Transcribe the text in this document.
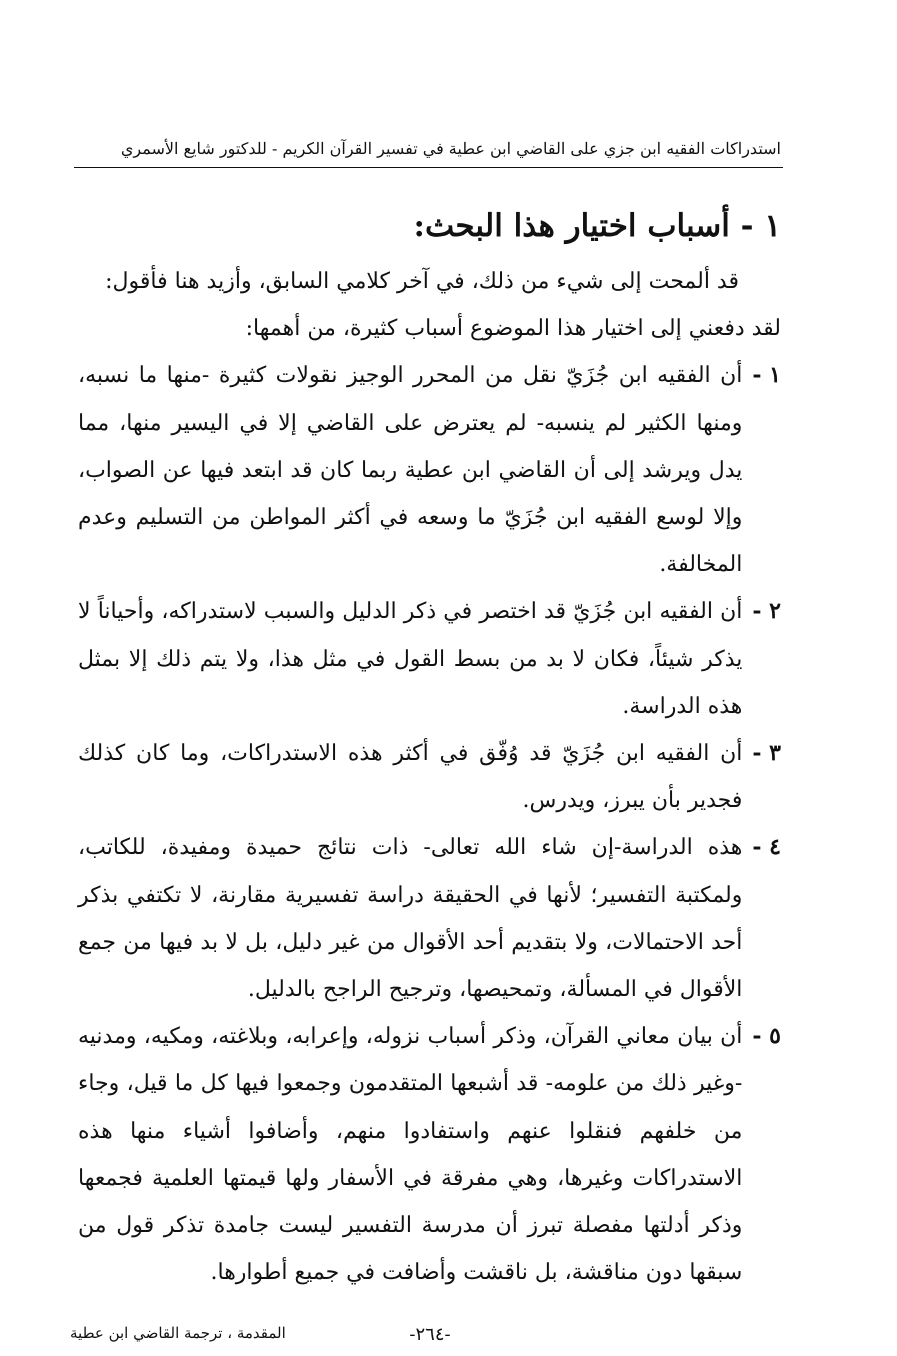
استدراكات الفقيه ابن جزي على القاضي ابن عطية في تفسير القرآن الكريم - للدكتور شايع الأسمري
١ - أسباب اختيار هذا البحث:

قد ألمحت إلى شيء من ذلك، في آخر كلامي السابق، وأزيد هنا فأقول:

لقد دفعني إلى اختيار هذا الموضوع أسباب كثيرة، من أهمها:

١ -
أن الفقيه ابن جُزَيّ نقل من المحرر الوجيز نقولات كثيرة -منها ما نسبه، ومنها الكثير لم ينسبه- لم يعترض على القاضي إلا في اليسير منها، مما يدل ويرشد إلى أن القاضي ابن عطية ربما كان قد ابتعد فيها عن الصواب، وإلا لوسع الفقيه ابن جُزَيّ ما وسعه في أكثر المواطن من التسليم وعدم المخالفة.
٢ -
أن الفقيه ابن جُزَيّ قد اختصر في ذكر الدليل والسبب لاستدراكه، وأحياناً لا يذكر شيئاً، فكان لا بد من بسط القول في مثل هذا، ولا يتم ذلك إلا بمثل هذه الدراسة.
٣ -
أن الفقيه ابن جُزَيّ قد وُفّق في أكثر هذه الاستدراكات، وما كان كذلك فجدير بأن يبرز، ويدرس.
٤ -
هذه الدراسة-إن شاء الله تعالى- ذات نتائج حميدة ومفيدة، للكاتب، ولمكتبة التفسير؛ لأنها في الحقيقة دراسة تفسيرية مقارنة، لا تكتفي بذكر أحد الاحتمالات، ولا بتقديم أحد الأقوال من غير دليل، بل لا بد فيها من جمع الأقوال في المسألة، وتمحيصها، وترجيح الراجح بالدليل.
٥ -
أن بيان معاني القرآن، وذكر أسباب نزوله، وإعرابه، وبلاغته، ومكيه، ومدنيه -وغير ذلك من علومه- قد أشبعها المتقدمون وجمعوا فيها كل ما قيل، وجاء من خلفهم فنقلوا عنهم واستفادوا منهم، وأضافوا أشياء منها هذه الاستدراكات وغيرها، وهي مفرقة في الأسفار ولها قيمتها العلمية فجمعها وذكر أدلتها مفصلة تبرز أن مدرسة التفسير ليست جامدة تذكر قول من سبقها دون مناقشة، بل ناقشت وأضافت في جميع أطوارها.
المقدمة ، ترجمة القاضي ابن عطية	-٢٦٤-
